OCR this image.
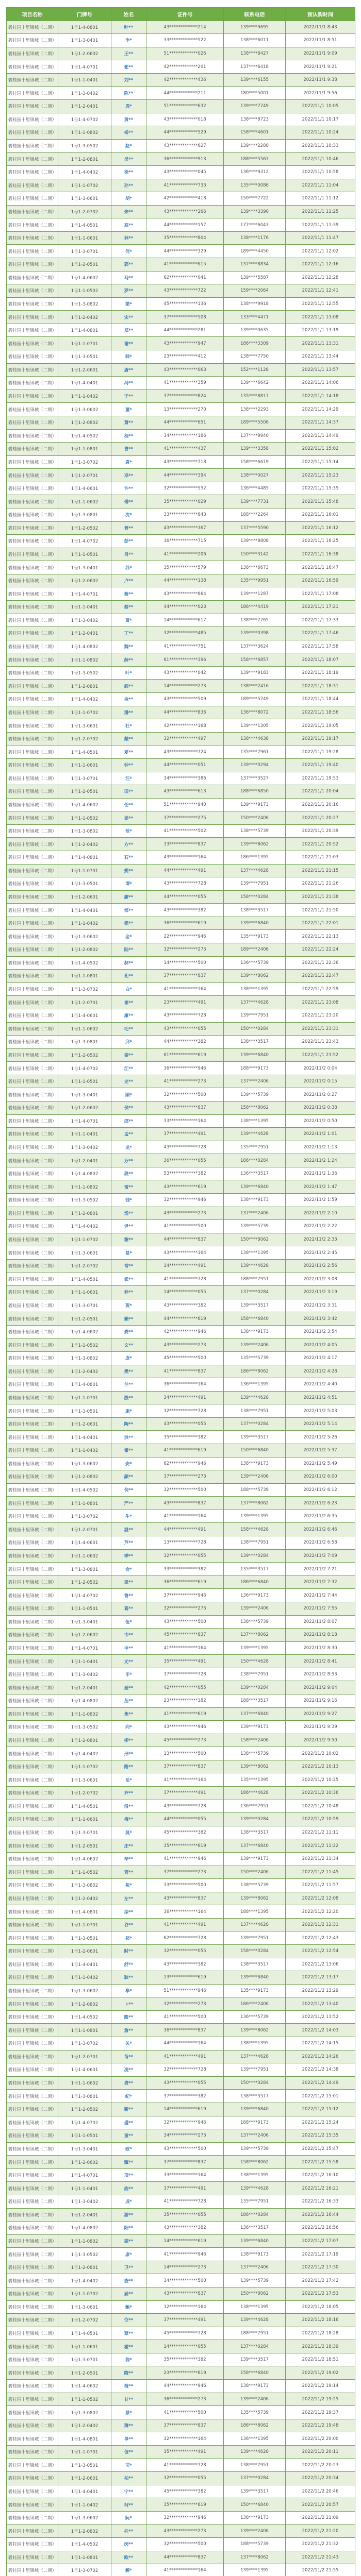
项目名称	门牌号	姓名	证件号	联系电话	预认购时间
碧桂园十里锦城（二期）	1号1-4-0801	叶**	43*************214	139****9695	2022/11/1 8:43
碧桂园十里锦城（二期）	1号1-3-0401	李*	33*************522	138****6011	2022/11/1 8:51
碧桂园十里锦城（二期）	1号1-2-0602	王**	51*************026	138****8427	2022/11/1 9:09
碧桂园十里锦城（二期）	1号1-4-0701	张**	42*************201	137****6418	2022/11/1 9:21
碧桂园十里锦城（二期）	1号1-1-0401	刘**	42*************436	139****6155	2022/11/1 9:38
碧桂园十里锦城（二期）	1号1-3-0402	陈**	44*************211	180****5001	2022/11/1 9:56
碧桂园十里锦城（二期）	1号1-2-0401	周*	51*************632	139****7749	2022/11/1 10:05
碧桂园十里锦城（二期）	1号1-4-0702	黄**	43*************018	138****8723	2022/11/1 10:17
碧桂园十里锦城（二期）	1号1-1-0802	杨**	44*************529	158****4601	2022/11/1 10:24
碧桂园十里锦城（二期）	1号1-3-0502	赵*	43*************627	139****2280	2022/11/1 10:33
碧桂园十里锦城（二期）	1号1-2-0801	吴**	36*************913	188****5567	2022/11/1 10:46
碧桂园十里锦城（二期）	1号1-4-0402	徐**	43*************045	136****9312	2022/11/1 10:58
碧桂园十里锦城（二期）	1号1-1-0702	孙**	41*************733	135****0086	2022/11/1 11:04
碧桂园十里锦城（二期）	1号1-3-0601	胡*	42*************418	150****7722	2022/11/1 11:12
碧桂园十里锦城（二期）	1号1-2-0702	朱**	43*************266	139****3390	2022/11/1 11:25
碧桂园十里锦城（二期）	1号1-4-0501	高**	44*************157	177****6043	2022/11/1 11:39
碧桂园十里锦城（二期）	1号1-1-0601	林**	35*************804	138****1176	2022/11/1 11:47
碧桂园十里锦城（二期）	1号1-3-0701	何*	44*************329	189****4450	2022/11/1 12:02
碧桂园十里锦城（二期）	1号1-2-0501	郭**	41*************615	137****8834	2022/11/1 12:16
碧桂园十里锦城（二期）	1号1-4-0602	马**	62*************041	139****5587	2022/11/1 12:28
碧桂园十里锦城（二期）	1号1-1-0502	罗**	43*************722	159****2064	2022/11/1 12:41
碧桂园十里锦城（二期）	1号1-3-0802	梁*	45*************136	138****9918	2022/11/1 12:55
碧桂园十里锦城（二期）	1号1-2-0402	宋**	37*************508	133****4471	2022/11/1 13:08
碧桂园十里锦城（二期）	1号1-4-0801	郑**	44*************281	139****0635	2022/11/1 13:19
碧桂园十里锦城（二期）	1号1-1-0701	谢**	43*************947	186****3309	2022/11/1 13:31
碧桂园十里锦城（二期）	1号1-3-0501	韩*	23*************412	138****7750	2022/11/1 13:44
碧桂园十里锦城（二期）	1号1-2-0601	唐**	43*************063	152****1128	2022/11/1 13:57
碧桂园十里锦城（二期）	1号1-4-0401	冯**	41*************359	139****6642	2022/11/1 14:06
碧桂园十里锦城（二期）	1号1-1-0402	于**	37*************824	135****8817	2022/11/1 14:18
碧桂园十里锦城（二期）	1号1-3-0602	董*	13*************270	138****2293	2022/11/1 14:29
碧桂园十里锦城（二期）	1号1-2-0802	萧**	44*************651	189****5506	2022/11/1 14:37
碧桂园十里锦城（二期）	1号1-4-0502	程**	34*************186	137****9940	2022/11/1 14:49
碧桂园十里锦城（二期）	1号1-1-0801	曹**	41*************437	139****3358	2022/11/1 15:02
碧桂园十里锦城（二期）	1号1-3-0702	袁*	43*************718	158****6619	2022/11/1 15:14
碧桂园十里锦城（二期）	1号1-2-0701	邓**	44*************394	138****0027	2022/11/1 15:23
碧桂园十里锦城（二期）	1号1-4-0601	许**	32*************552	136****4485	2022/11/1 15:35
碧桂园十里锦城（二期）	1号1-1-0602	傅**	35*************029	139****7731	2022/11/1 15:48
碧桂园十里锦城（二期）	1号1-3-0801	沈*	33*************843	188****2264	2022/11/1 16:01
碧桂园十里锦城（二期）	1号1-2-0502	曾**	43*************367	137****5590	2022/11/1 16:12
碧桂园十里锦城（二期）	1号1-4-0702	彭**	36*************715	139****8806	2022/11/1 16:25
碧桂园十里锦城（二期）	1号1-1-0501	吕**	41*************206	150****3142	2022/11/1 16:38
碧桂园十里锦城（二期）	1号1-3-0401	苏*	35*************579	138****6673	2022/11/1 16:47
碧桂园十里锦城（二期）	1号1-2-0602	卢**	44*************138	135****9951	2022/11/1 16:59
碧桂园十里锦城（二期）	1号1-4-0701	蒋**	43*************864	139****1287	2022/11/1 17:08
碧桂园十里锦城（二期）	1号1-1-0401	蔡**	44*************023	186****4419	2022/11/1 17:21
碧桂园十里锦城（二期）	1号1-3-0402	贾*	14*************617	138****7765	2022/11/1 17:33
碧桂园十里锦城（二期）	1号1-2-0401	丁**	32*************485	139****0398	2022/11/1 17:46
碧桂园十里锦城（二期）	1号1-4-0802	魏**	41*************751	137****3624	2022/11/1 17:58
碧桂园十里锦城（二期）	1号1-1-0802	薛**	61*************396	158****6857	2022/11/1 18:07
碧桂园十里锦城（二期）	1号1-3-0502	叶*	43*************042	139****9183	2022/11/1 18:19
碧桂园十里锦城（二期）	1号1-2-0801	阎**	14*************273	138****2416	2022/11/1 18:31
碧桂园十里锦城（二期）	1号1-4-0402	余**	43*************509	189****5749	2022/11/1 18:44
碧桂园十里锦城（二期）	1号1-1-0702	潘**	44*************836	136****8072	2022/11/1 18:56
碧桂园十里锦城（二期）	1号1-3-0601	杜*	42*************168	139****1305	2022/11/1 19:05
碧桂园十里锦城（二期）	1号1-2-0702	戴**	32*************497	138****4638	2022/11/1 19:17
碧桂园十里锦城（二期）	1号1-4-0501	夏**	43*************724	135****7961	2022/11/1 19:28
碧桂园十里锦城（二期）	1号1-1-0601	钟**	44*************051	139****0294	2022/11/1 19:40
碧桂园十里锦城（二期）	1号1-3-0701	汪*	34*************386	137****3527	2022/11/1 19:53
碧桂园十里锦城（二期）	1号1-2-0501	田**	43*************613	188****6850	2022/11/1 20:04
碧桂园十里锦城（二期）	1号1-4-0602	任**	51*************940	139****9173	2022/11/1 20:16
碧桂园十里锦城（二期）	1号1-1-0502	姜**	37*************275	150****2406	2022/11/1 20:27
碧桂园十里锦城（二期）	1号1-3-0802	范*	41*************502	138****5739	2022/11/1 20:39
碧桂园十里锦城（二期）	1号1-2-0402	方**	33*************837	139****8062	2022/11/1 20:52
碧桂园十里锦城（二期）	1号1-4-0801	石**	43*************164	186****1395	2022/11/1 21:03
碧桂园十里锦城（二期）	1号1-1-0701	姚**	44*************491	137****4628	2022/11/1 21:15
碧桂园十里锦城（二期）	1号1-3-0501	谭*	43*************728	139****7951	2022/11/1 21:26
碧桂园十里锦城（二期）	1号1-2-0601	廖**	44*************055	158****0284	2022/11/1 21:38
碧桂园十里锦城（二期）	1号1-4-0401	邹**	43*************382	138****3517	2022/11/1 21:50
碧桂园十里锦城（二期）	1号1-1-0402	熊**	36*************619	139****6840	2022/11/1 22:01
碧桂园十里锦城（二期）	1号1-3-0602	金*	22*************946	135****9173	2022/11/1 22:13
碧桂园十里锦城（二期）	1号1-2-0802	陆**	32*************273	189****2406	2022/11/1 22:24
碧桂园十里锦城（二期）	1号1-4-0502	郝**	14*************500	136****5739	2022/11/1 22:36
碧桂园十里锦城（二期）	1号1-1-0801	孔**	37*************837	139****8062	2022/11/1 22:47
碧桂园十里锦城（二期）	1号1-3-0702	白*	41*************164	138****1395	2022/11/1 22:59
碧桂园十里锦城（二期）	1号1-2-0701	崔**	23*************491	137****4628	2022/11/1 23:08
碧桂园十里锦城（二期）	1号1-4-0601	康**	43*************728	139****7951	2022/11/1 23:20
碧桂园十里锦城（二期）	1号1-1-0602	毛**	43*************055	150****0284	2022/11/1 23:31
碧桂园十里锦城（二期）	1号1-3-0801	邱*	44*************382	138****3517	2022/11/1 23:43
碧桂园十里锦城（二期）	1号1-2-0502	秦**	61*************619	139****6840	2022/11/1 23:52
碧桂园十里锦城（二期）	1号1-4-0702	江**	36*************946	188****9173	2022/11/2 0:04
碧桂园十里锦城（二期）	1号1-1-0501	史**	41*************273	137****2406	2022/11/2 0:15
碧桂园十里锦城（二期）	1号1-3-0401	顾*	32*************500	139****5739	2022/11/2 0:27
碧桂园十里锦城（二期）	1号1-2-0602	侯**	43*************837	158****8062	2022/11/2 0:38
碧桂园十里锦城（二期）	1号1-4-0701	邵**	33*************164	138****1395	2022/11/2 0:50
碧桂园十里锦城（二期）	1号1-1-0401	孟**	37*************491	139****4628	2022/11/2 1:01
碧桂园十里锦城（二期）	1号1-3-0402	龙*	43*************728	135****7951	2022/11/2 1:13
碧桂园十里锦城（二期）	1号1-2-0401	万**	36*************055	186****0284	2022/11/2 1:24
碧桂园十里锦城（二期）	1号1-4-0802	段**	53*************382	136****3517	2022/11/2 1:36
碧桂园十里锦城（二期）	1号1-1-0802	雷**	43*************619	139****6840	2022/11/2 1:47
碧桂园十里锦城（二期）	1号1-3-0502	钱*	32*************946	138****9173	2022/11/2 1:59
碧桂园十里锦城（二期）	1号1-2-0801	汤**	43*************273	137****2406	2022/11/2 2:10
碧桂园十里锦城（二期）	1号1-4-0402	尹**	41*************500	139****5739	2022/11/2 2:22
碧桂园十里锦城（二期）	1号1-1-0702	黎**	44*************837	150****8062	2022/11/2 2:33
碧桂园十里锦城（二期）	1号1-3-0601	易*	43*************164	138****1395	2022/11/2 2:45
碧桂园十里锦城（二期）	1号1-2-0702	常**	14*************491	139****4628	2022/11/2 2:56
碧桂园十里锦城（二期）	1号1-4-0501	武**	41*************728	188****7951	2022/11/2 3:08
碧桂园十里锦城（二期）	1号1-1-0601	乔**	14*************055	137****0284	2022/11/2 3:19
碧桂园十里锦城（二期）	1号1-3-0701	贺*	43*************382	139****3517	2022/11/2 3:31
碧桂园十里锦城（二期）	1号1-2-0501	赖**	44*************619	158****6840	2022/11/2 3:42
碧桂园十里锦城（二期）	1号1-4-0602	龚**	42*************946	138****9173	2022/11/2 3:54
碧桂园十里锦城（二期）	1号1-1-0502	文**	43*************273	139****2406	2022/11/2 4:05
碧桂园十里锦城（二期）	1号1-3-0802	庞*	45*************500	135****5739	2022/11/2 4:17
碧桂园十里锦城（二期）	1号1-2-0402	樊**	41*************837	186****8062	2022/11/2 4:28
碧桂园十里锦城（二期）	1号1-4-0801	兰**	36*************164	136****1395	2022/11/2 4:40
碧桂园十里锦城（二期）	1号1-1-0701	殷**	34*************491	139****4628	2022/11/2 4:51
碧桂园十里锦城（二期）	1号1-3-0501	施*	32*************728	138****7951	2022/11/2 5:03
碧桂园十里锦城（二期）	1号1-2-0601	陶**	43*************055	137****0284	2022/11/2 5:14
碧桂园十里锦城（二期）	1号1-4-0401	洪**	35*************382	139****3517	2022/11/2 5:26
碧桂园十里锦城（二期）	1号1-1-0402	翟**	41*************619	150****6840	2022/11/2 5:37
碧桂园十里锦城（二期）	1号1-3-0602	安*	62*************946	138****9173	2022/11/2 5:49
碧桂园十里锦城（二期）	1号1-2-0802	颜**	37*************273	139****2406	2022/11/2 6:00
碧桂园十里锦城（二期）	1号1-4-0502	倪**	32*************500	188****5739	2022/11/2 6:12
碧桂园十里锦城（二期）	1号1-1-0801	严**	43*************837	137****8062	2022/11/2 6:23
碧桂园十里锦城（二期）	1号1-3-0702	牛*	41*************164	139****1395	2022/11/2 6:35
碧桂园十里锦城（二期）	1号1-2-0701	温**	44*************491	158****4628	2022/11/2 6:46
碧桂园十里锦城（二期）	1号1-4-0601	芦**	13*************728	138****7951	2022/11/2 6:58
碧桂园十里锦城（二期）	1号1-1-0602	季**	32*************055	139****0284	2022/11/2 7:09
碧桂园十里锦城（二期）	1号1-3-0801	俞*	33*************382	135****3517	2022/11/2 7:21
碧桂园十里锦城（二期）	1号1-2-0502	章**	36*************619	186****6840	2022/11/2 7:32
碧桂园十里锦城（二期）	1号1-4-0702	鲁**	37*************946	136****9173	2022/11/2 7:44
碧桂园十里锦城（二期）	1号1-1-0501	葛**	32*************273	139****2406	2022/11/2 7:55
碧桂园十里锦城（二期）	1号1-3-0401	伍*	43*************500	138****5739	2022/11/2 8:07
碧桂园十里锦城（二期）	1号1-2-0602	韦**	45*************837	137****8062	2022/11/2 8:18
碧桂园十里锦城（二期）	1号1-4-0701	申**	41*************164	139****1395	2022/11/2 8:30
碧桂园十里锦城（二期）	1号1-1-0401	尤**	35*************491	150****4628	2022/11/2 8:41
碧桂园十里锦城（二期）	1号1-3-0402	毕*	37*************728	138****7951	2022/11/2 8:53
碧桂园十里锦城（二期）	1号1-2-0401	聂**	42*************055	139****0284	2022/11/2 9:04
碧桂园十里锦城（二期）	1号1-4-0802	丛**	23*************382	188****3517	2022/11/2 9:16
碧桂园十里锦城（二期）	1号1-1-0802	焦**	41*************619	137****6840	2022/11/2 9:27
碧桂园十里锦城（二期）	1号1-3-0502	向*	43*************946	139****9173	2022/11/2 9:39
碧桂园十里锦城（二期）	1号1-2-0801	柳**	45*************273	158****2406	2022/11/2 9:50
碧桂园十里锦城（二期）	1号1-4-0402	邢**	13*************500	138****5739	2022/11/2 10:02
碧桂园十里锦城（二期）	1号1-1-0702	路**	37*************837	139****8062	2022/11/2 10:13
碧桂园十里锦城（二期）	1号1-3-0601	岳*	41*************164	135****1395	2022/11/2 10:25
碧桂园十里锦城（二期）	1号1-2-0702	齐**	37*************491	186****4628	2022/11/2 10:36
碧桂园十里锦城（二期）	1号1-4-0501	沿**	43*************728	136****7951	2022/11/2 10:48
碧桂园十里锦城（二期）	1号1-1-0601	梅**	44*************055	139****0284	2022/11/2 10:59
碧桂园十里锦城（二期）	1号1-3-0701	莫*	45*************382	138****3517	2022/11/2 11:11
碧桂园十里锦城（二期）	1号1-2-0501	庄**	35*************619	137****6840	2022/11/2 11:22
碧桂园十里锦城（二期）	1号1-4-0602	辛**	41*************946	139****9173	2022/11/2 11:34
碧桂园十里锦城（二期）	1号1-1-0502	管**	37*************273	150****2406	2022/11/2 11:45
碧桂园十里锦城（二期）	1号1-3-0802	祝*	33*************500	138****5739	2022/11/2 11:57
碧桂园十里锦城（二期）	1号1-2-0402	左**	43*************837	139****8062	2022/11/2 12:08
碧桂园十里锦城（二期）	1号1-4-0801	涂**	36*************164	188****1395	2022/11/2 12:20
碧桂园十里锦城（二期）	1号1-1-0701	谷**	41*************491	137****4628	2022/11/2 12:31
碧桂园十里锦城（二期）	1号1-3-0501	祁*	62*************728	139****7951	2022/11/2 12:43
碧桂园十里锦城（二期）	1号1-2-0601	时**	32*************055	158****0284	2022/11/2 12:54
碧桂园十里锦城（二期）	1号1-4-0401	舒**	43*************382	138****3517	2022/11/2 13:06
碧桂园十里锦城（二期）	1号1-1-0402	耿**	13*************619	139****6840	2022/11/2 13:17
碧桂园十里锦城（二期）	1号1-3-0602	牟*	51*************946	135****9173	2022/11/2 13:29
碧桂园十里锦城（二期）	1号1-2-0802	卜**	32*************273	186****2406	2022/11/2 13:40
碧桂园十里锦城（二期）	1号1-4-0502	路**	41*************500	136****5739	2022/11/2 13:52
碧桂园十里锦城（二期）	1号1-1-0801	詹**	36*************837	139****8062	2022/11/2 14:03
碧桂园十里锦城（二期）	1号1-3-0702	关*	44*************164	138****1395	2022/11/2 14:15
碧桂园十里锦城（二期）	1号1-2-0701	苗**	41*************491	137****4628	2022/11/2 14:26
碧桂园十里锦城（二期）	1号1-4-0601	凌**	32*************728	139****7951	2022/11/2 14:38
碧桂园十里锦城（二期）	1号1-1-0602	费**	43*************055	150****0284	2022/11/2 14:49
碧桂园十里锦城（二期）	1号1-3-0801	纪*	37*************382	138****3517	2022/11/2 15:01
碧桂园十里锦城（二期）	1号1-2-0502	靳**	14*************619	139****6840	2022/11/2 15:12
碧桂园十里锦城（二期）	1号1-4-0702	盛**	32*************946	188****9173	2022/11/2 15:24
碧桂园十里锦城（二期）	1号1-1-0501	童**	34*************273	137****2406	2022/11/2 15:35
碧桂园十里锦城（二期）	1号1-3-0401	欧*	43*************500	139****5739	2022/11/2 15:47
碧桂园十里锦城（二期）	1号1-2-0602	甄**	37*************837	158****8062	2022/11/2 15:58
碧桂园十里锦城（二期）	1号1-4-0701	项**	33*************164	138****1395	2022/11/2 16:10
碧桂园十里锦城（二期）	1号1-1-0401	曲**	37*************491	139****4628	2022/11/2 16:21
碧桂园十里锦城（二期）	1号1-3-0402	成*	41*************728	135****7951	2022/11/2 16:33
碧桂园十里锦城（二期）	1号1-2-0401	游**	35*************055	186****0284	2022/11/2 16:44
碧桂园十里锦城（二期）	1号1-4-0802	阳**	43*************382	136****3517	2022/11/2 16:56
碧桂园十里锦城（二期）	1号1-1-0802	裴**	14*************619	139****6840	2022/11/2 17:07
碧桂园十里锦城（二期）	1号1-3-0502	席*	41*************946	138****9173	2022/11/2 17:19
碧桂园十里锦城（二期）	1号1-2-0801	卫**	14*************273	137****2406	2022/11/2 17:30
碧桂园十里锦城（二期）	1号1-4-0402	查**	34*************500	139****5739	2022/11/2 17:42
碧桂园十里锦城（二期）	1号1-1-0702	屈**	43*************837	150****8062	2022/11/2 17:53
碧桂园十里锦城（二期）	1号1-3-0601	鲍*	32*************164	138****1395	2022/11/2 18:05
碧桂园十里锦城（二期）	1号1-2-0702	位**	37*************491	139****4628	2022/11/2 18:16
碧桂园十里锦城（二期）	1号1-4-0501	覃**	45*************728	188****7951	2022/11/2 18:28
碧桂园十里锦城（二期）	1号1-1-0601	霍**	14*************055	137****0284	2022/11/2 18:39
碧桂园十里锦城（二期）	1号1-3-0701	翁*	35*************382	139****3517	2022/11/2 18:51
碧桂园十里锦城（二期）	1号1-2-0501	隋**	23*************619	158****6840	2022/11/2 19:02
碧桂园十里锦城（二期）	1号1-4-0602	植**	44*************946	138****9173	2022/11/2 19:14
碧桂园十里锦城（二期）	1号1-1-0502	甘**	36*************273	139****2406	2022/11/2 19:25
碧桂园十里锦城（二期）	1号1-3-0802	景*	41*************500	135****5739	2022/11/2 19:37
碧桂园十里锦城（二期）	1号1-2-0402	薄**	37*************837	186****8062	2022/11/2 19:48
碧桂园十里锦城（二期）	1号1-4-0801	单**	32*************164	136****1395	2022/11/2 20:00
碧桂园十里锦城（二期）	1号1-1-0701	包**	15*************491	139****4628	2022/11/2 20:11
碧桂园十里锦城（二期）	1号1-3-0501	司*	41*************728	138****7951	2022/11/2 20:23
碧桂园十里锦城（二期）	1号1-2-0601	柏**	32*************055	137****0284	2022/11/2 20:34
碧桂园十里锦城（二期）	1号1-4-0401	宁**	45*************382	139****3517	2022/11/2 20:46
碧桂园十里锦城（二期）	1号1-1-0402	柯**	35*************619	150****6840	2022/11/2 20:57
碧桂园十里锦城（二期）	1号1-3-0602	阮*	32*************946	138****9173	2022/11/2 21:09
碧桂园十里锦城（二期）	1号1-2-0802	桂**	43*************273	139****2406	2022/11/2 21:20
碧桂园十里锦城（二期）	1号1-4-0502	闵**	32*************500	188****5739	2022/11/2 21:32
碧桂园十里锦城（二期）	1号1-1-0801	欧**	44*************837	137****8062	2022/11/2 21:43
碧桂园十里锦城（二期）	1号1-3-0702	解*	41*************164	139****1395	2022/11/2 21:55
